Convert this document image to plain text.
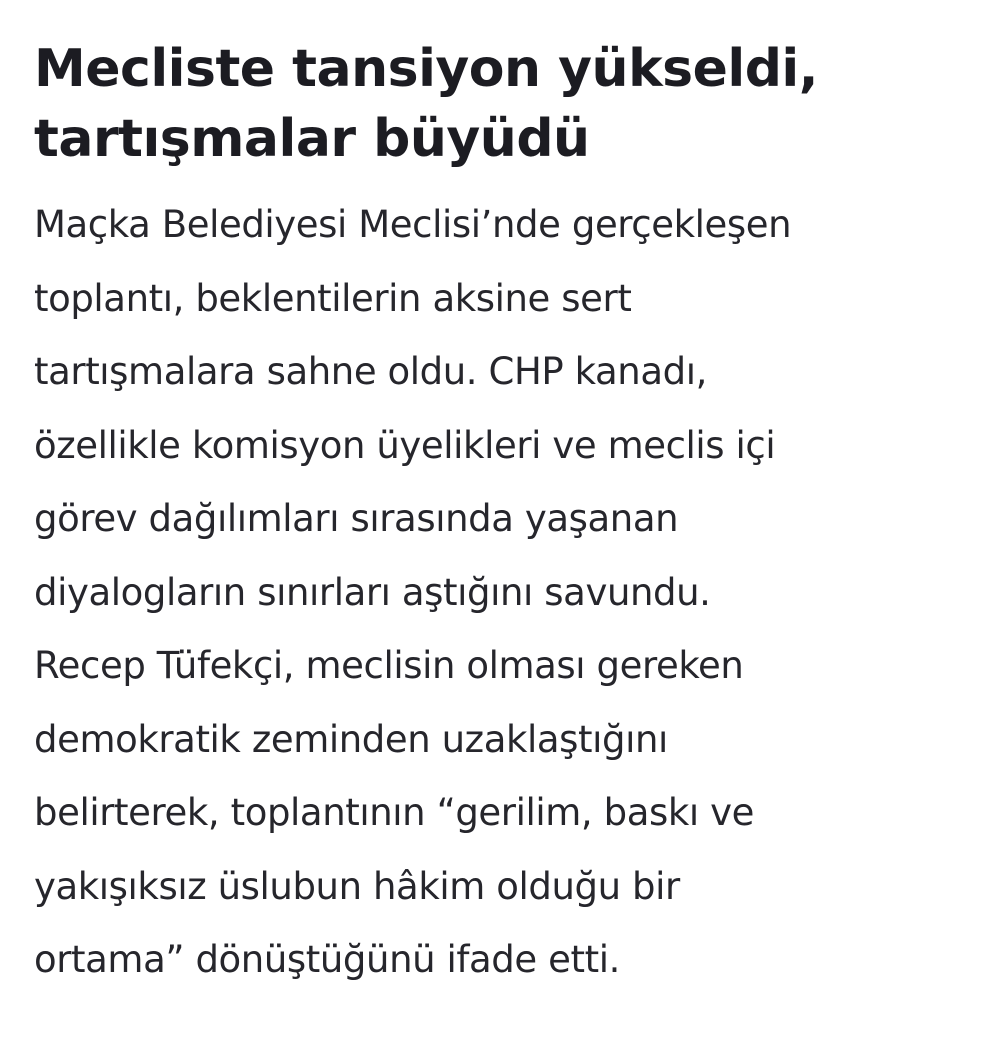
Mecliste tansiyon yükseldi,
tartışmalar büyüdü

Maçka Belediyesi Meclisi’nde gerçekleşen
toplantı, beklentilerin aksine sert
tartışmalara sahne oldu. CHP kanadı,
özellikle komisyon üyelikleri ve meclis içi
görev dağılımları sırasında yaşanan
diyalogların sınırları aştığını savundu.
Recep Tüfekçi, meclisin olması gereken
demokratik zeminden uzaklaştığını
belirterek, toplantının “gerilim, baskı ve
yakışıksız üslubun hâkim olduğu bir
ortama” dönüştüğünü ifade etti.
